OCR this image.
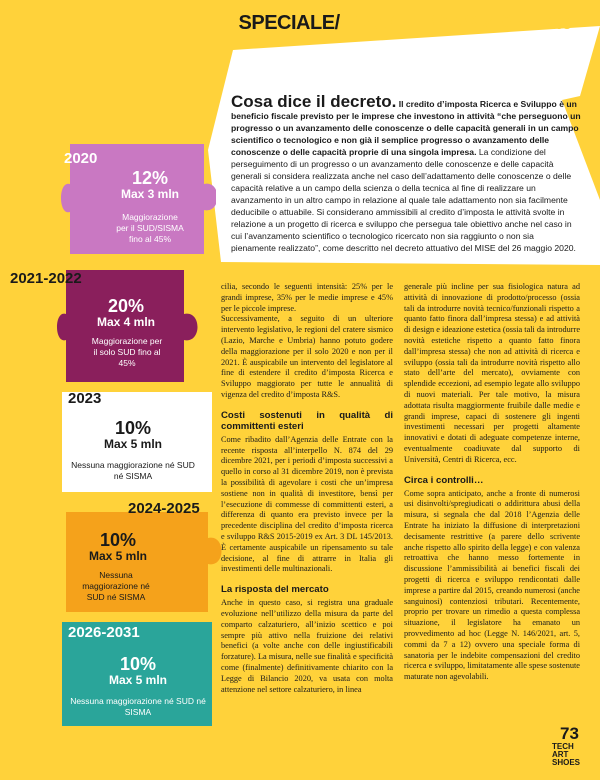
SPECIALE/ PIANO TRANSIZIONE 4.0
Cosa dice il decreto. Il credito d’imposta Ricerca e Sviluppo è un beneficio fiscale previsto per le imprese che investono in attività “che perseguono un progresso o un avanzamento delle conoscenze o delle capacità generali in un campo scientifico o tecnologico e non già il semplice progresso o avanzamento delle conoscenze o delle capacità proprie di una singola impresa. La condizione del perseguimento di un progresso o un avanzamento delle conoscenze e delle capacità generali si considera realizzata anche nel caso dell’adattamento delle conoscenze o delle capacità relative a un campo della scienza o della tecnica al fine di realizzare un avanzamento in un altro campo in relazione al quale tale adattamento non sia facilmente deducibile o attuabile. Si considerano ammissibili al credito d’imposta le attività svolte in relazione a un progetto di ricerca e sviluppo che persegua tale obiettivo anche nel caso in cui l’avanzamento scientifico o tecnologico ricercato non sia raggiunto o non sia pienamente realizzato”, come descritto nel decreto attuativo del MISE del 26 maggio 2020.
2020
12%
Max 3 mln
Maggiorazione per il SUD/SISMA fino al 45%
2021-2022
20%
Max 4 mln
Maggiorazione per il solo SUD fino al 45%
2023
10%
Max 5 mln
Nessuna maggiorazione né SUD né SISMA
2024-2025
10%
Max 5 mln
Nessuna maggiorazione né SUD né SISMA
2026-2031
10%
Max 5 mln
Nessuna maggiorazione né SUD né SISMA

cilia, secondo le seguenti intensità: 25% per le grandi imprese, 35% per le medie imprese e 45% per le piccole imprese.

Successivamente, a seguito di un ulteriore intervento legislativo, le regioni del cratere sismico (Lazio, Marche e Umbria) hanno potuto godere della maggiorazione per il solo 2020 e non per il 2021. È auspicabile un intervento del legislatore al fine di estendere il credito d’imposta Ricerca e Sviluppo maggiorato per tutte le annualità di vigenza del credito d’imposta R&S.

Costi sostenuti in qualità di committenti esteri

Come ribadito dall’Agenzia delle Entrate con la recente risposta all’interpello N. 874 del 29 dicembre 2021, per i periodi d’imposta successivi a quello in corso al 31 dicembre 2019, non è prevista la possibilità di agevolare i costi che un’impresa sostiene non in qualità di investitore, bensì per l’esecuzione di commesse di committenti esteri, a differenza di quanto era previsto invece per la precedente disciplina del credito d’imposta ricerca e sviluppo R&S 2015-2019 ex Art. 3 DL 145/2013. È certamente auspicabile un ripensamento su tale decisione, al fine di attrarre in Italia gli investimenti delle multinazionali.

La risposta del mercato

Anche in questo caso, si registra una graduale evoluzione nell’utilizzo della misura da parte del comparto calzaturiero, all’inizio scettico e poi sempre più attivo nella fruizione dei relativi benefici (a volte anche con delle ingiustificabili forzature). La misura, nelle sue finalità e specificità come (finalmente) definitivamente chiarito con la Legge di Bilancio 2020, va usata con molta attenzione nel settore calzaturiero, in linea

generale più incline per sua fisiologica natura ad attività di innovazione di prodotto/processo (ossia tali da introdurre novità tecnico/funzionali rispetto a quanto fatto finora dall’impresa stessa) e ad attività di design e ideazione estetica (ossia tali da introdurre novità estetiche rispetto a quanto fatto finora dall’impresa stessa) che non ad attività di ricerca e sviluppo (ossia tali da introdurre novità rispetto allo stato dell’arte del mercato), ovviamente con splendide eccezioni, ad esempio legate allo sviluppo di nuovi materiali. Per tale motivo, la misura adottata risulta maggiormente fruibile dalle medie e grandi imprese, capaci di sostenere gli ingenti investimenti necessari per progetti altamente innovativi e dotati di adeguate competenze interne, eventualmente coadiuvate dal supporto di Università, Centri di Ricerca, ecc.

Circa i controlli…

Come sopra anticipato, anche a fronte di numerosi usi disinvolti/spregiudicati o addirittura abusi della misura, si segnala che dal 2018 l’Agenzia delle Entrate ha iniziato la diffusione di interpretazioni decisamente restrittive (a parere dello scrivente anche rispetto allo spirito della legge) e con valenza retroattiva che hanno messo fortemente in discussione l’ammissibilità ai benefici fiscali dei progetti di ricerca e sviluppo rendicontati dalle imprese a partire dal 2015, creando numerosi (anche sanguinosi) contenziosi tributari. Recentemente, proprio per trovare un rimedio a questa complessa situazione, il legislatore ha emanato un provvedimento ad hoc (Legge N. 146/2021, art. 5, commi da 7 a 12) ovvero una speciale forma di sanatoria per le indebite compensazioni del credito ricerca e sviluppo, limitatamente alle spese sostenute maturate non agevolabili.

73
TECH ART SHOES
